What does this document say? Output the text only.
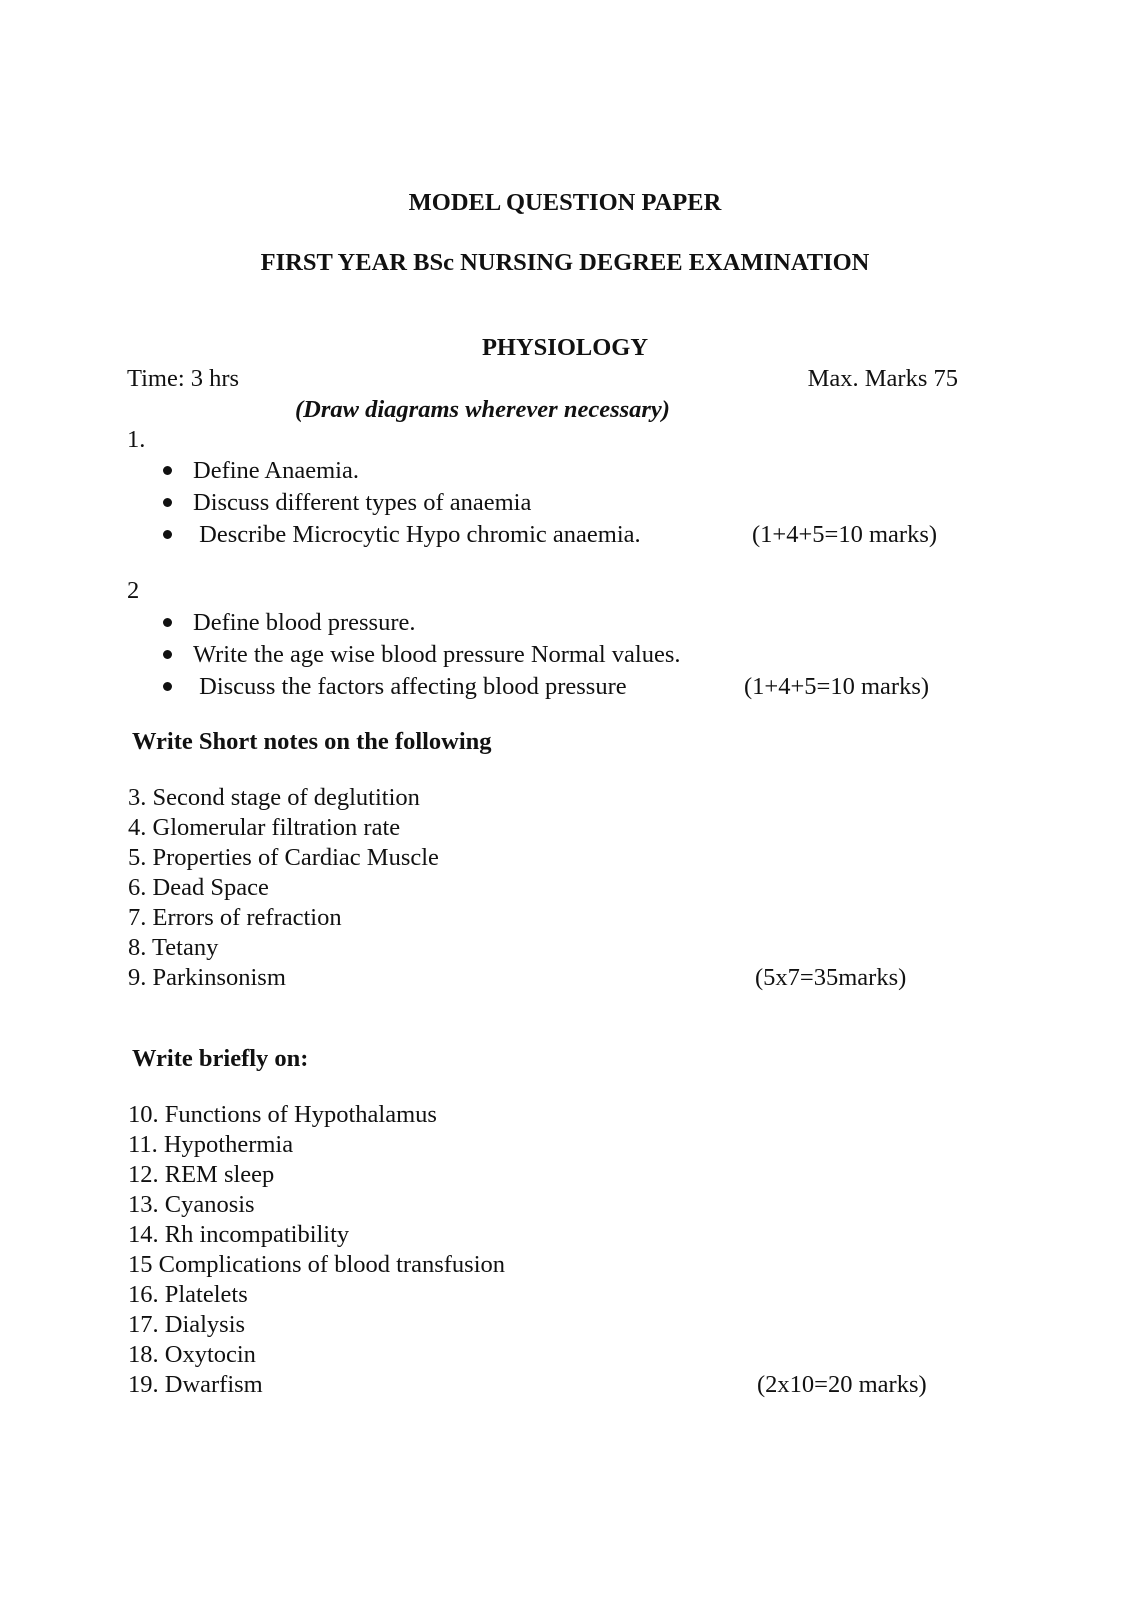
MODEL QUESTION PAPER
FIRST YEAR BSc NURSING DEGREE EXAMINATION
PHYSIOLOGY
Time: 3 hrs	Max. Marks 75
(Draw diagrams wherever necessary)
1.
Define Anaemia.
Discuss different types of anaemia
Describe Microcytic Hypo chromic anaemia.	(1+4+5=10 marks)
2
Define blood pressure.
Write the age wise blood pressure Normal values.
Discuss the factors affecting blood pressure	(1+4+5=10 marks)
Write Short notes on the following
3. Second stage of deglutition
4. Glomerular filtration rate
5. Properties of Cardiac Muscle
6. Dead Space
7. Errors of refraction
8. Tetany
9. Parkinsonism	(5x7=35marks)
Write briefly on:
10. Functions of Hypothalamus
11. Hypothermia
12. REM sleep
13. Cyanosis
14. Rh incompatibility
15 Complications of blood transfusion
16. Platelets
17. Dialysis
18. Oxytocin
19. Dwarfism	(2x10=20 marks)
